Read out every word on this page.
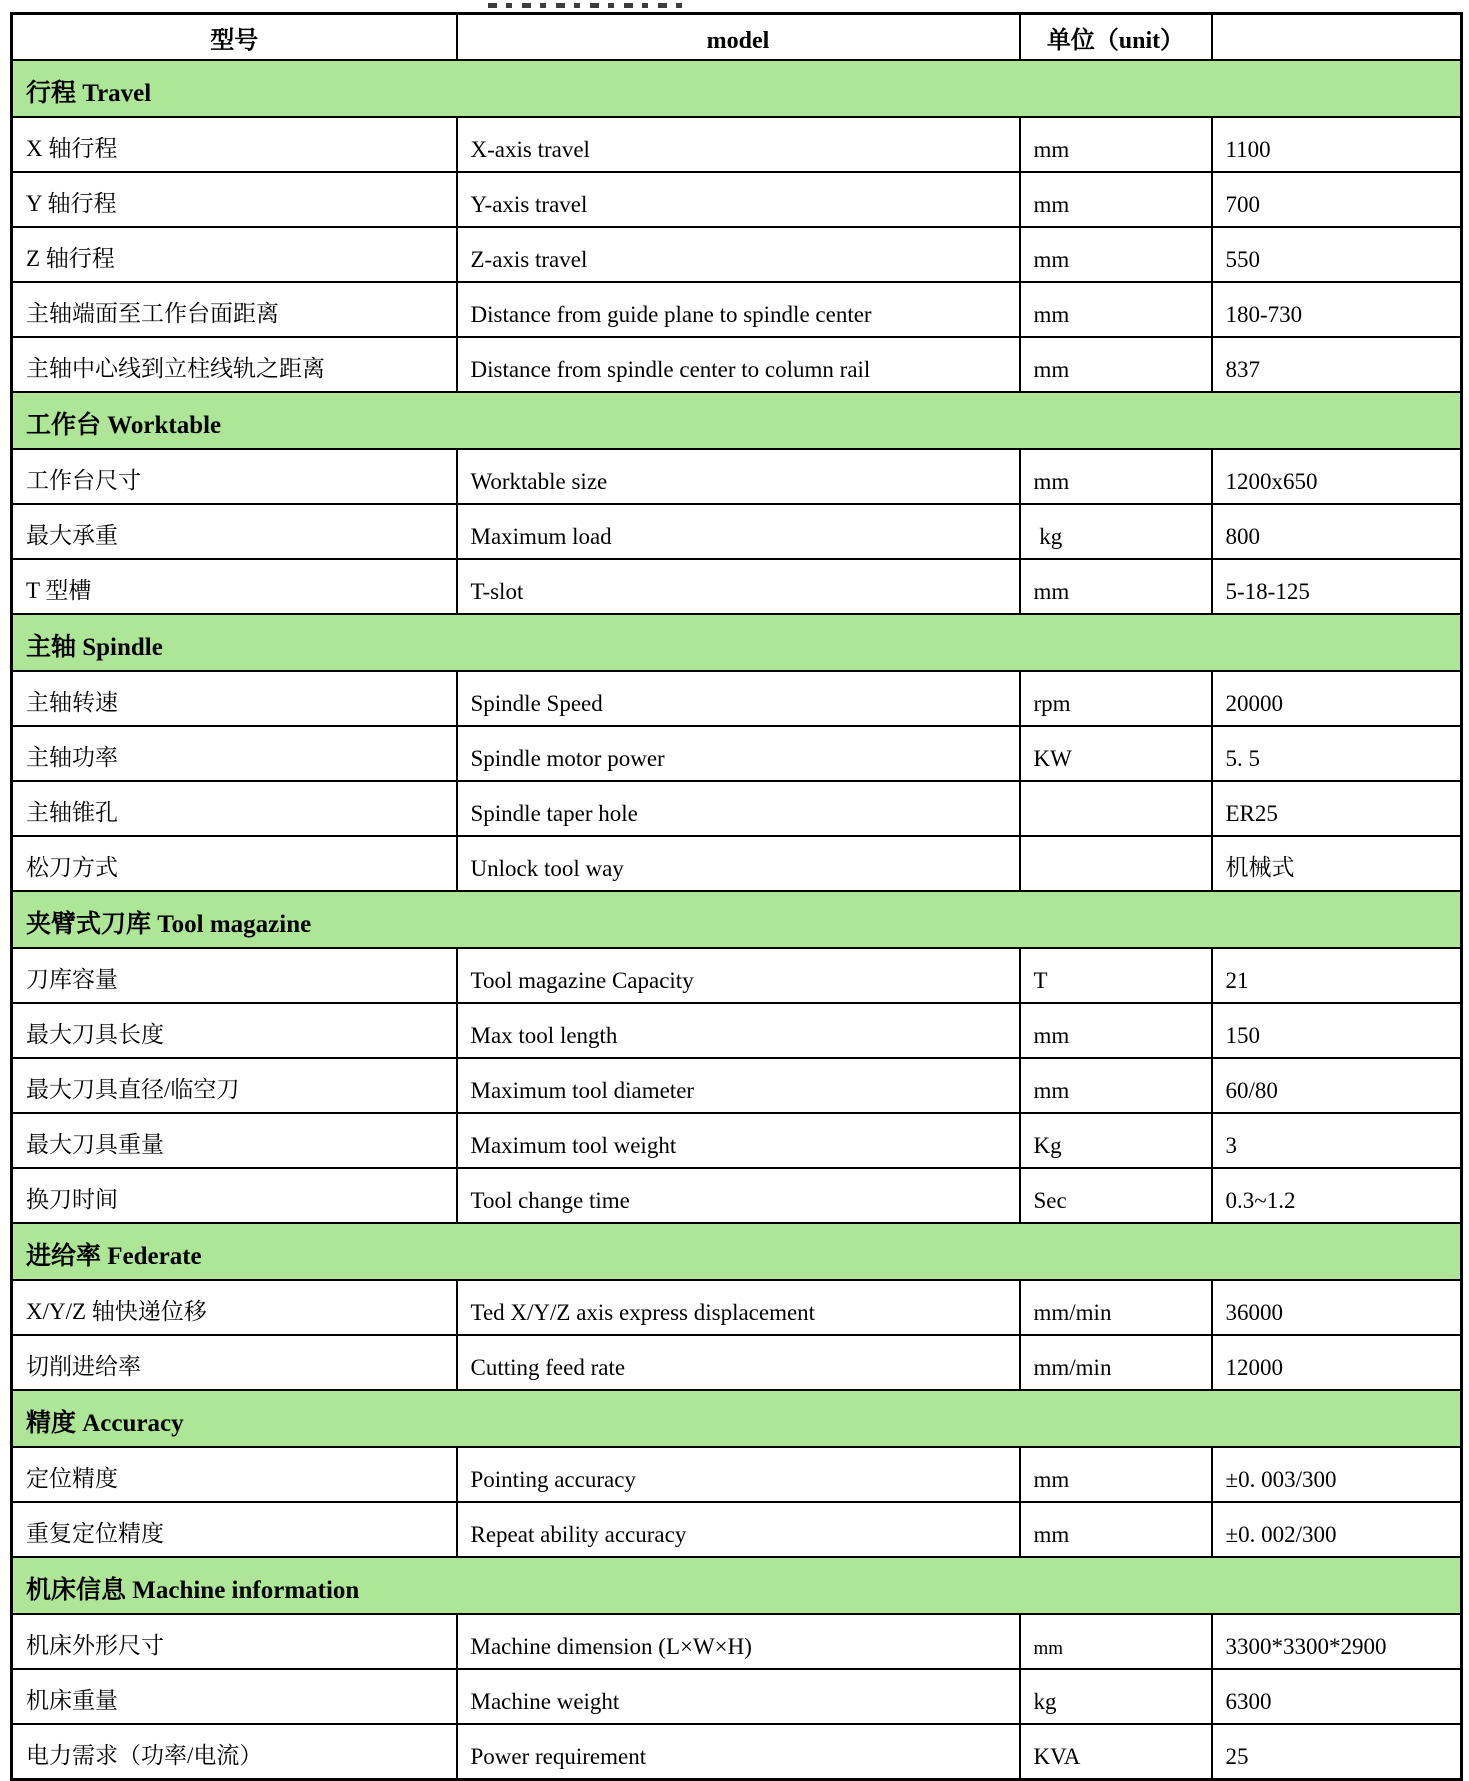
型号	model	单位（unit）	
行程 Travel			
X 轴行程	X-axis travel	mm	1100
Y 轴行程	Y-axis travel	mm	700
Z 轴行程	Z-axis travel	mm	550
主轴端面至工作台面距离	Distance from guide plane to spindle center	mm	180-730
主轴中心线到立柱线轨之距离	Distance from spindle center to column rail	mm	837
工作台 Worktable			
工作台尺寸	Worktable size	mm	1200x650
最大承重	Maximum load	kg	800
T 型槽	T-slot	mm	5-18-125
主轴 Spindle			
主轴转速	Spindle Speed	rpm	20000
主轴功率	Spindle motor power	KW	5. 5
主轴锥孔	Spindle taper hole		ER25
松刀方式	Unlock tool way		机械式
夹臂式刀库 Tool magazine			
刀库容量	Tool magazine Capacity	T	21
最大刀具长度	Max tool length	mm	150
最大刀具直径/临空刀	Maximum tool diameter	mm	60/80
最大刀具重量	Maximum tool weight	Kg	3
换刀时间	Tool change time	Sec	0.3~1.2
进给率 Federate			
X/Y/Z 轴快递位移	Ted X/Y/Z axis express displacement	mm/min	36000
切削进给率	Cutting feed rate	mm/min	12000
精度 Accuracy			
定位精度	Pointing accuracy	mm	±0. 003/300
重复定位精度	Repeat ability accuracy	mm	±0. 002/300
机床信息 Machine information			
机床外形尺寸	Machine dimension (L×W×H)	mm	3300*3300*2900
机床重量	Machine weight	kg	6300
电力需求（功率/电流）	Power requirement	KVA	25
